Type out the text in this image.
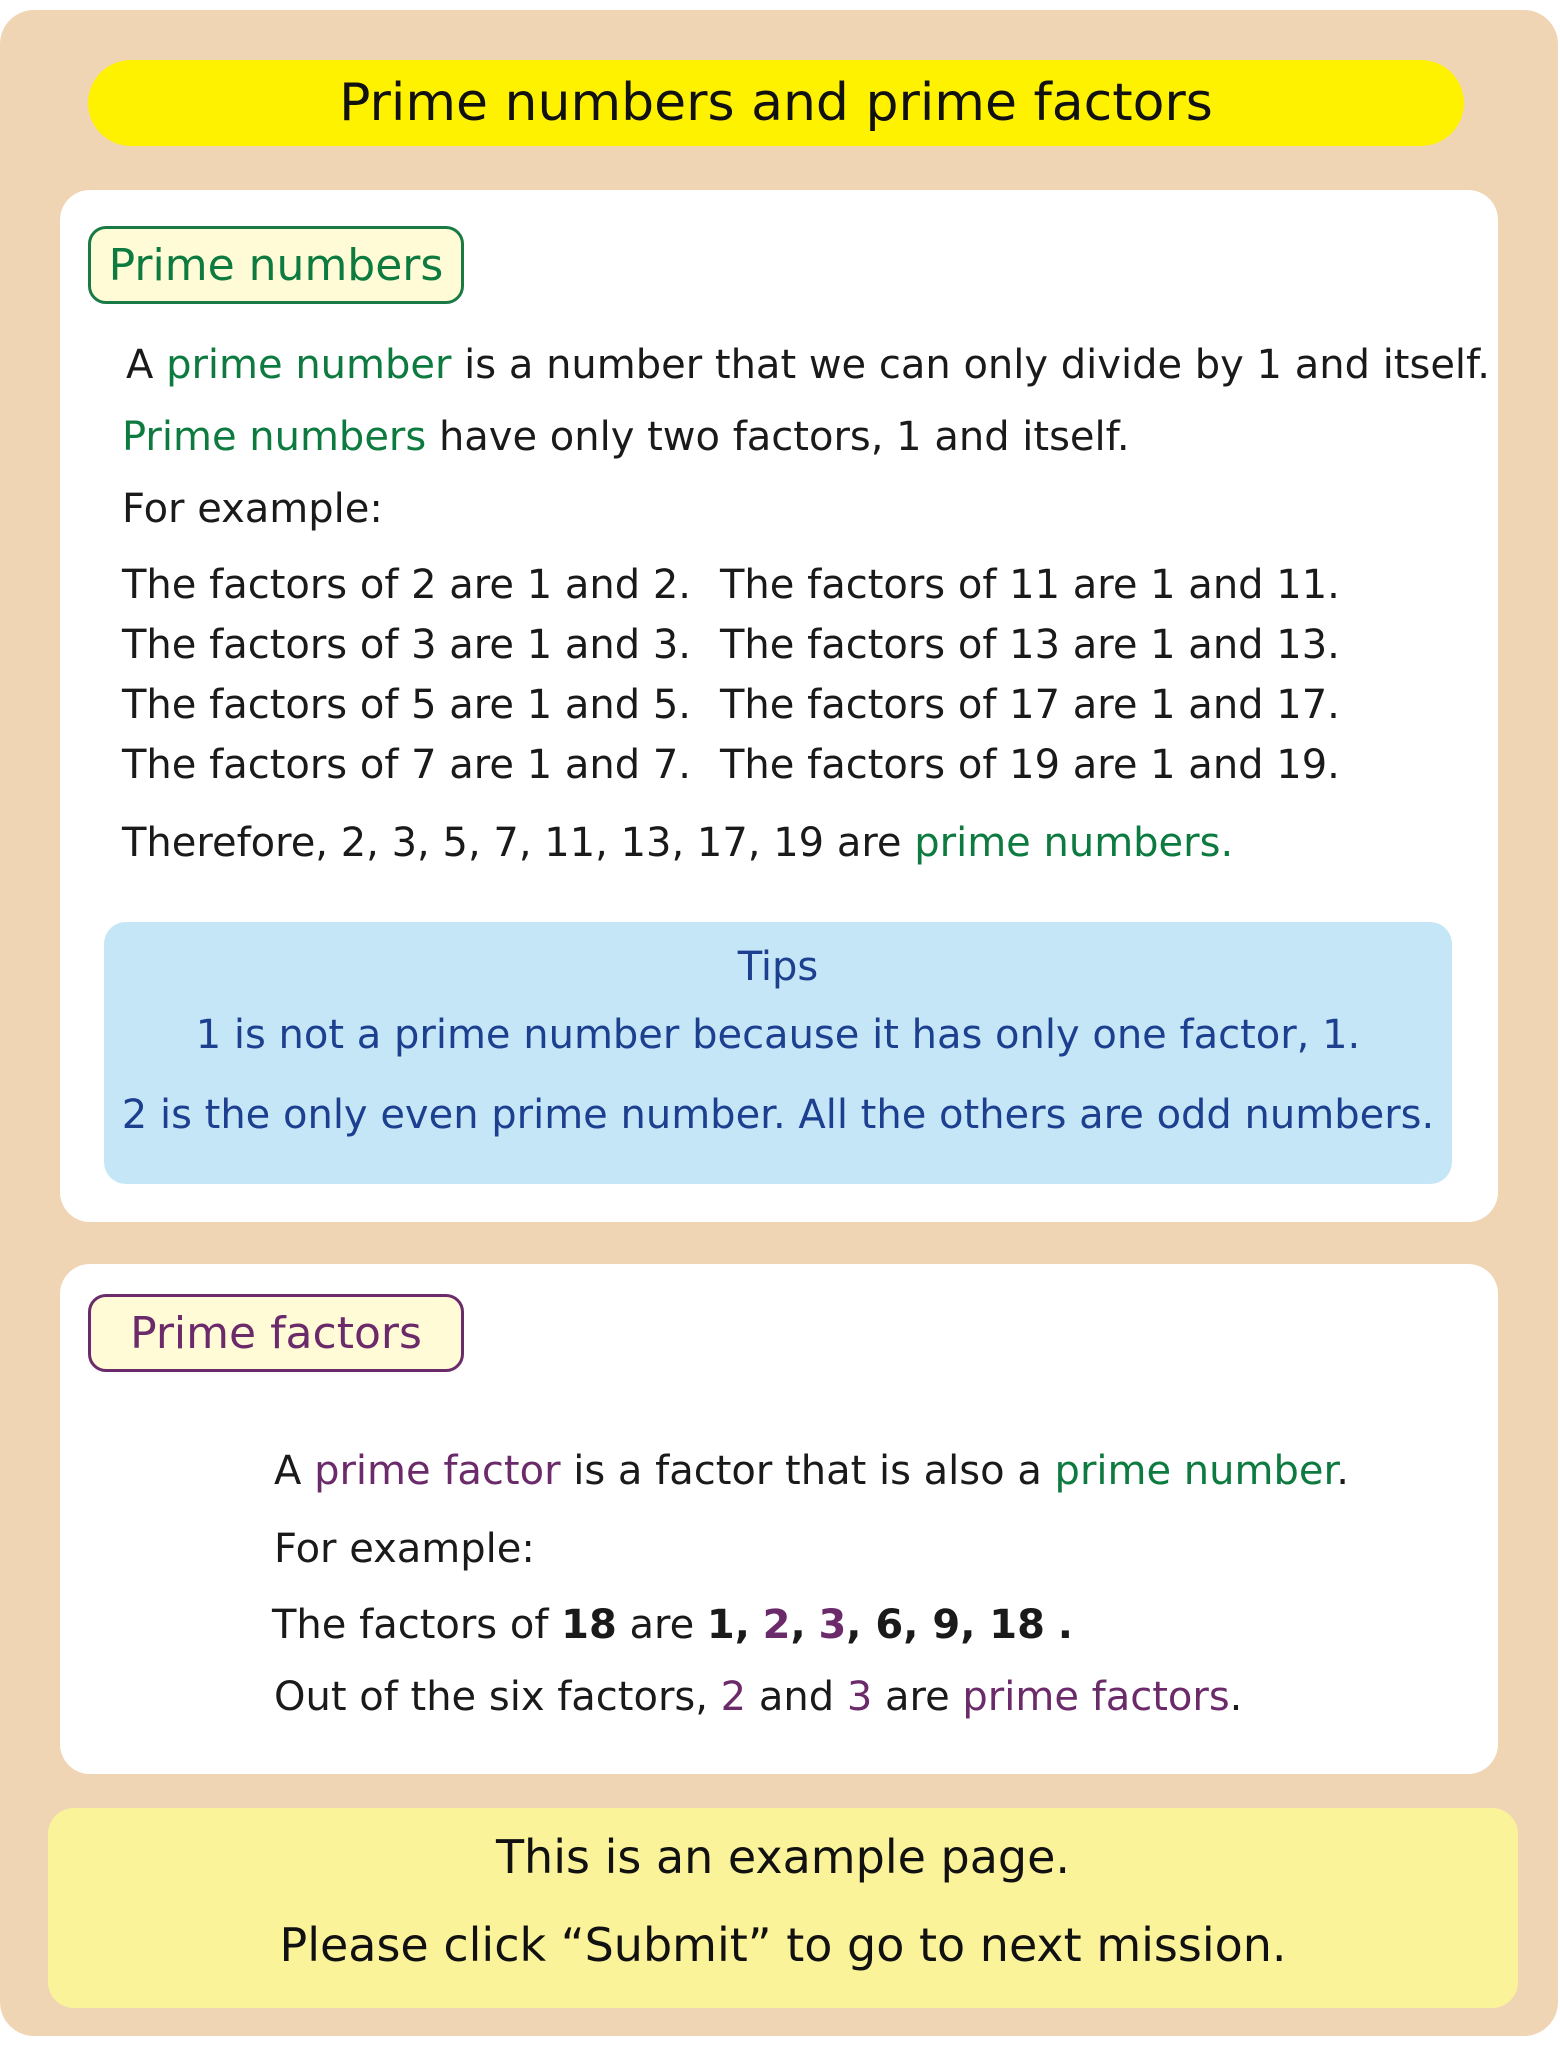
Prime numbers and prime factors
Prime numbers
A prime number is a number that we can only divide by 1 and itself.
Prime numbers have only two factors, 1 and itself.
For example:
The factors of 2 are 1 and 2.
The factors of 3 are 1 and 3.
The factors of 5 are 1 and 5.
The factors of 7 are 1 and 7.
The factors of 11 are 1 and 11.
The factors of 13 are 1 and 13.
The factors of 17 are 1 and 17.
The factors of 19 are 1 and 19.
Therefore, 2, 3, 5, 7, 11, 13, 17, 19 are prime numbers.
Tips
1 is not a prime number because it has only one factor, 1.
2 is the only even prime number. All the others are odd numbers.
Prime factors
A prime factor is a factor that is also a prime number.
For example:
The factors of 18 are 1, 2, 3, 6, 9, 18 .
Out of the six factors, 2 and 3 are prime factors.
This is an example page.
Please click “Submit” to go to next mission.
